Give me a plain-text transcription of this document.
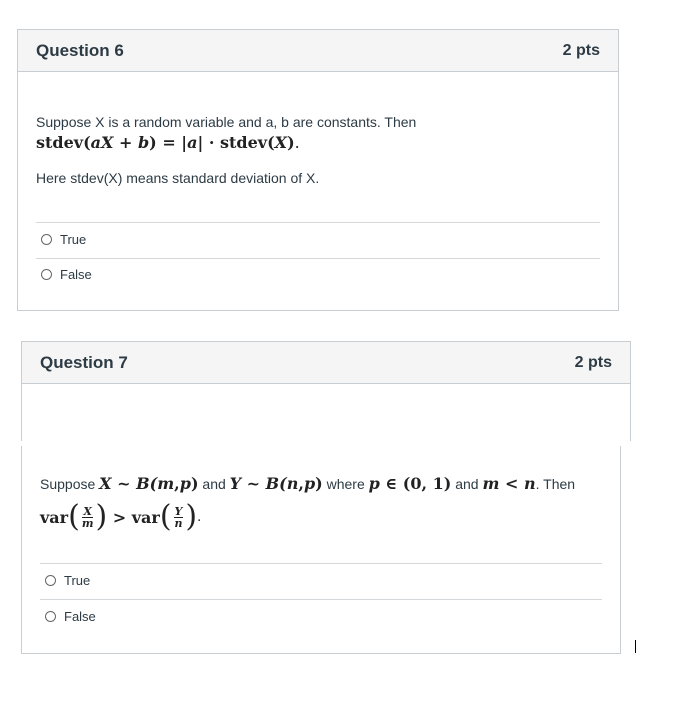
Question 6	2 pts
Suppose X is a random variable and a, b are constants. Then
stdev(aX + b) = |a| · stdev(X).
Here stdev(X) means standard deviation of X.
True
False
Question 7	2 pts
Suppose X ~ B(m,p) and Y ~ B(n,p) where p ∈ (0, 1) and m < n. Then
var ( $\frac{X}{m}$ ) > var ( $\frac{Y}{n}$ ) .
True
False
